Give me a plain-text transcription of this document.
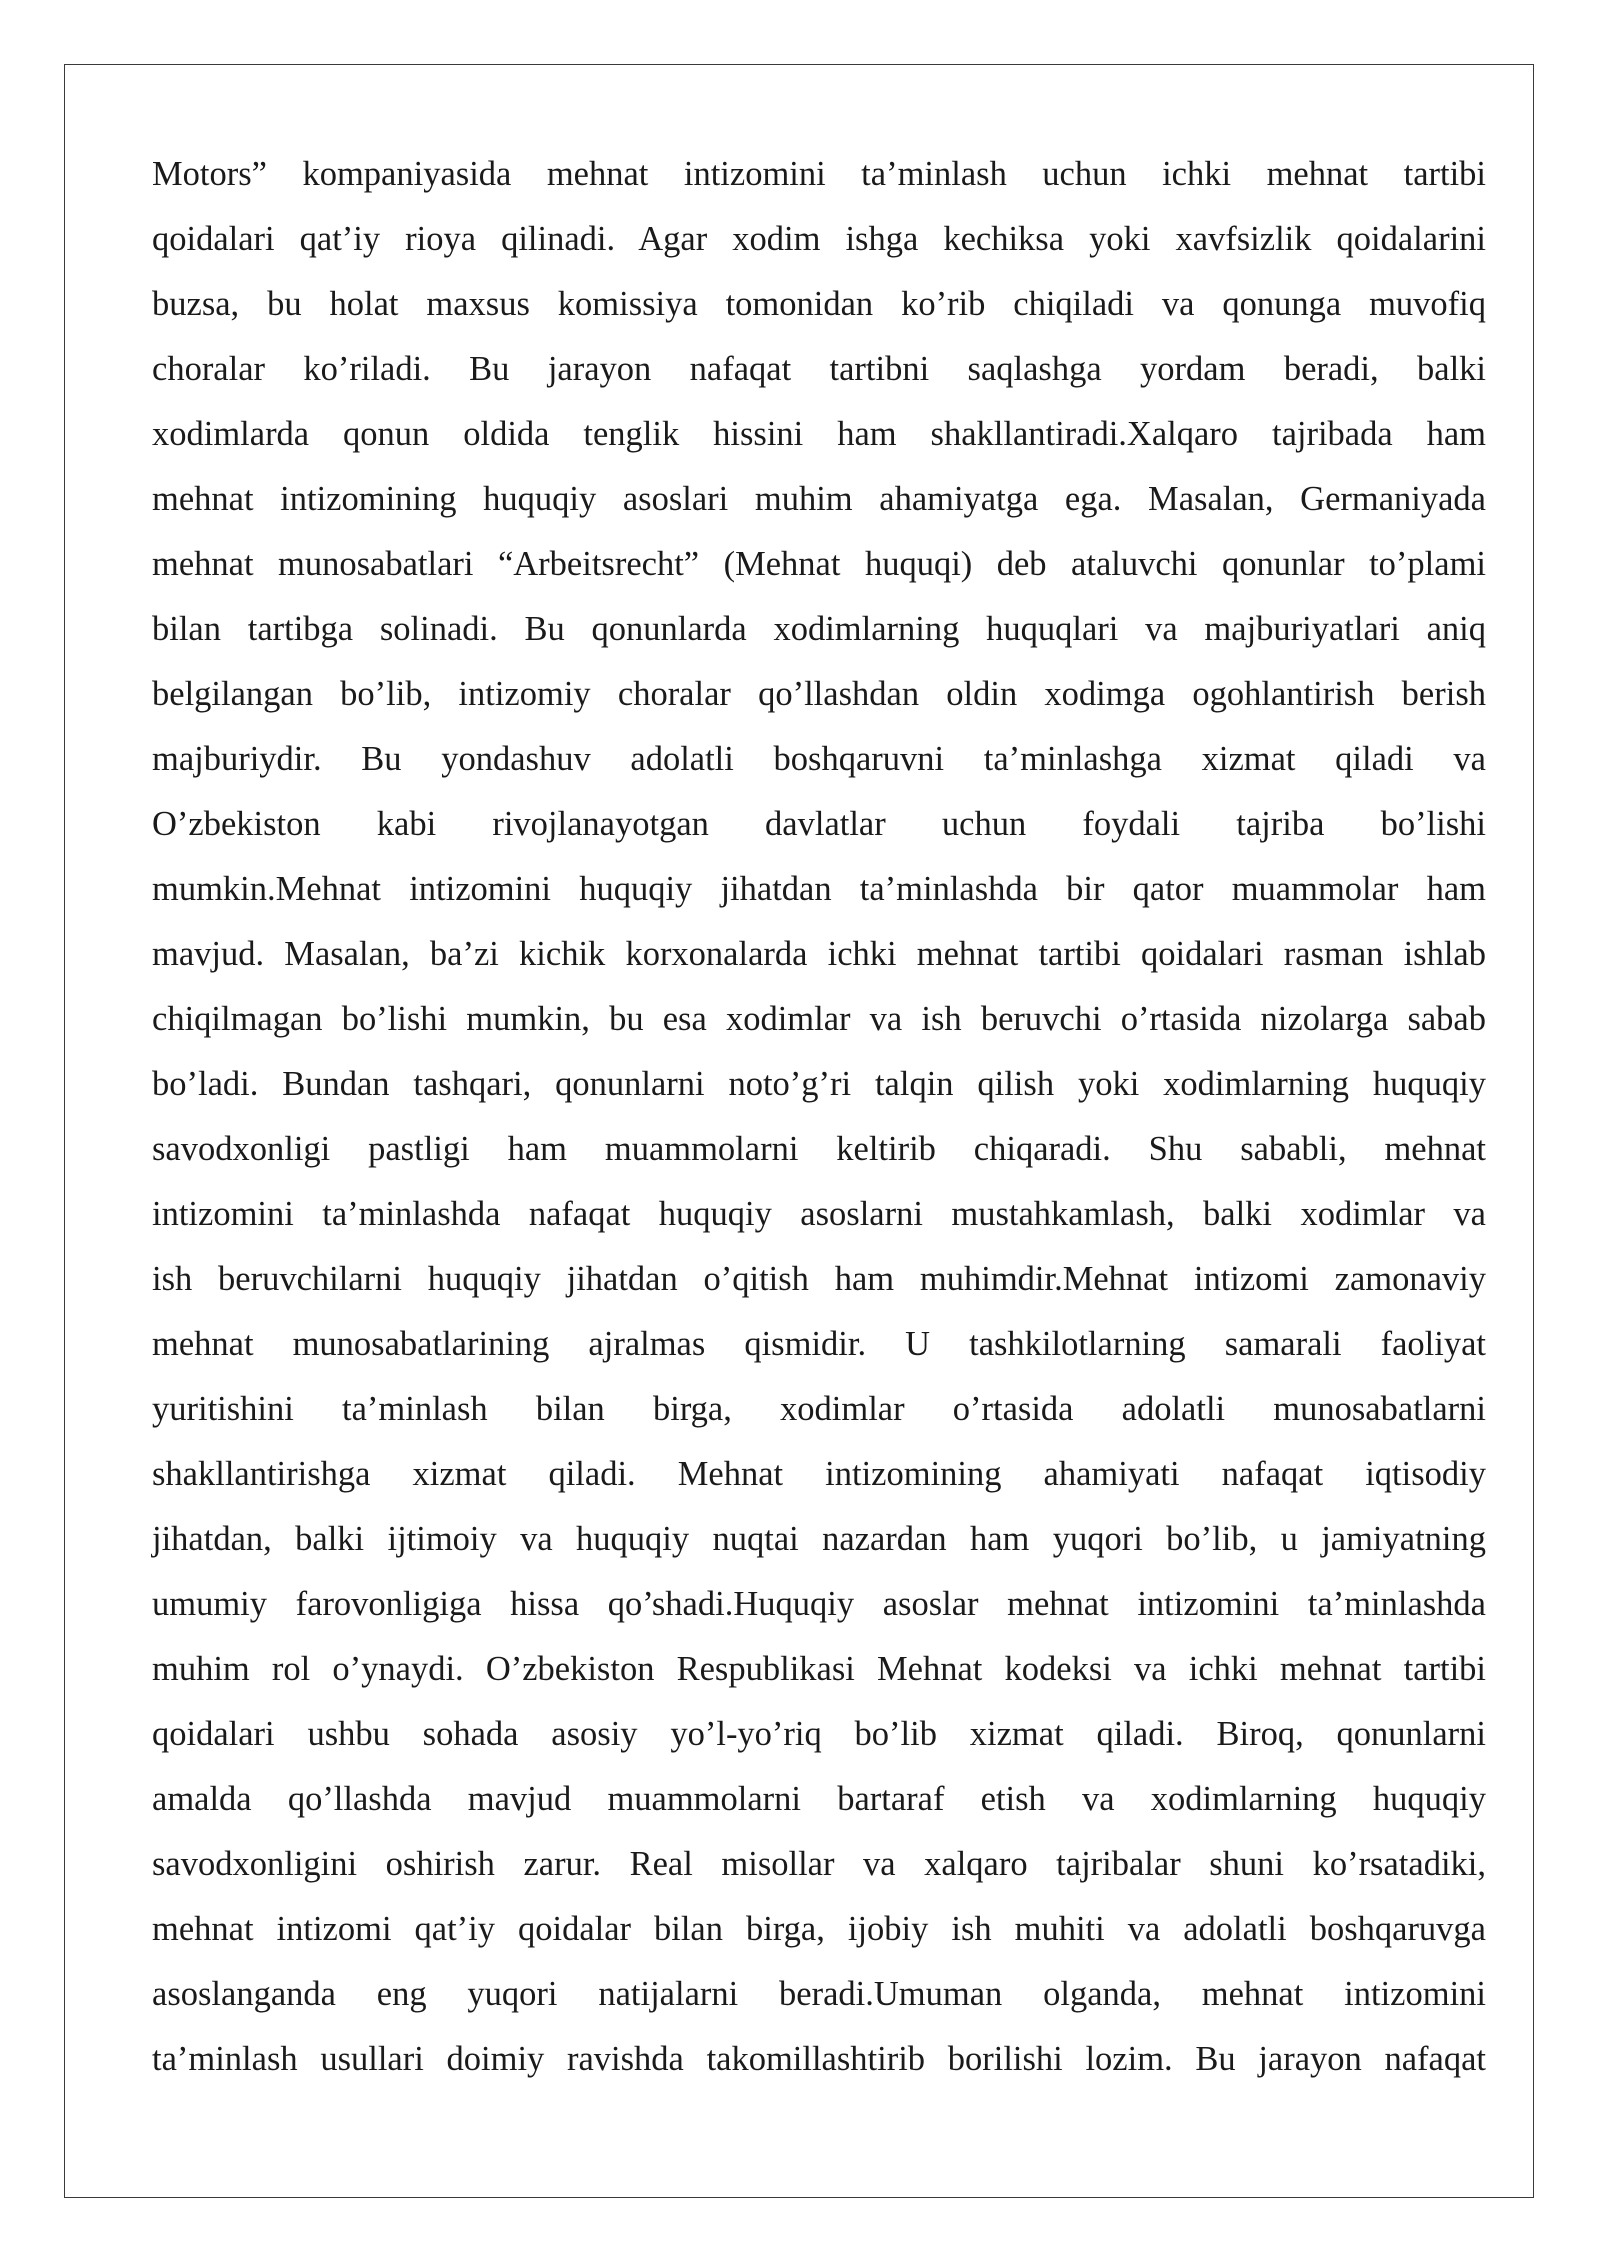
Motors” kompaniyasida mehnat intizomini ta’minlash uchun ichki mehnat tartibi
qoidalari qat’iy rioya qilinadi. Agar xodim ishga kechiksa yoki xavfsizlik qoidalarini
buzsa, bu holat maxsus komissiya tomonidan ko’rib chiqiladi va qonunga muvofiq
choralar ko’riladi. Bu jarayon nafaqat tartibni saqlashga yordam beradi, balki
xodimlarda qonun oldida tenglik hissini ham shakllantiradi.Xalqaro tajribada ham
mehnat intizomining huquqiy asoslari muhim ahamiyatga ega. Masalan, Germaniyada
mehnat munosabatlari “Arbeitsrecht” (Mehnat huquqi) deb ataluvchi qonunlar to’plami
bilan tartibga solinadi. Bu qonunlarda xodimlarning huquqlari va majburiyatlari aniq
belgilangan bo’lib, intizomiy choralar qo’llashdan oldin xodimga ogohlantirish berish
majburiydir. Bu yondashuv adolatli boshqaruvni ta’minlashga xizmat qiladi va
O’zbekiston kabi rivojlanayotgan davlatlar uchun foydali tajriba bo’lishi
mumkin.Mehnat intizomini huquqiy jihatdan ta’minlashda bir qator muammolar ham
mavjud. Masalan, ba’zi kichik korxonalarda ichki mehnat tartibi qoidalari rasman ishlab
chiqilmagan bo’lishi mumkin, bu esa xodimlar va ish beruvchi o’rtasida nizolarga sabab
bo’ladi. Bundan tashqari, qonunlarni noto’g’ri talqin qilish yoki xodimlarning huquqiy
savodxonligi pastligi ham muammolarni keltirib chiqaradi. Shu sababli, mehnat
intizomini ta’minlashda nafaqat huquqiy asoslarni mustahkamlash, balki xodimlar va
ish beruvchilarni huquqiy jihatdan o’qitish ham muhimdir.Mehnat intizomi zamonaviy
mehnat munosabatlarining ajralmas qismidir. U tashkilotlarning samarali faoliyat
yuritishini ta’minlash bilan birga, xodimlar o’rtasida adolatli munosabatlarni
shakllantirishga xizmat qiladi. Mehnat intizomining ahamiyati nafaqat iqtisodiy
jihatdan, balki ijtimoiy va huquqiy nuqtai nazardan ham yuqori bo’lib, u jamiyatning
umumiy farovonligiga hissa qo’shadi.Huquqiy asoslar mehnat intizomini ta’minlashda
muhim rol o’ynaydi. O’zbekiston Respublikasi Mehnat kodeksi va ichki mehnat tartibi
qoidalari ushbu sohada asosiy yo’l-yo’riq bo’lib xizmat qiladi. Biroq, qonunlarni
amalda qo’llashda mavjud muammolarni bartaraf etish va xodimlarning huquqiy
savodxonligini oshirish zarur. Real misollar va xalqaro tajribalar shuni ko’rsatadiki,
mehnat intizomi qat’iy qoidalar bilan birga, ijobiy ish muhiti va adolatli boshqaruvga
asoslanganda eng yuqori natijalarni beradi.Umuman olganda, mehnat intizomini
ta’minlash usullari doimiy ravishda takomillashtirib borilishi lozim. Bu jarayon nafaqat
